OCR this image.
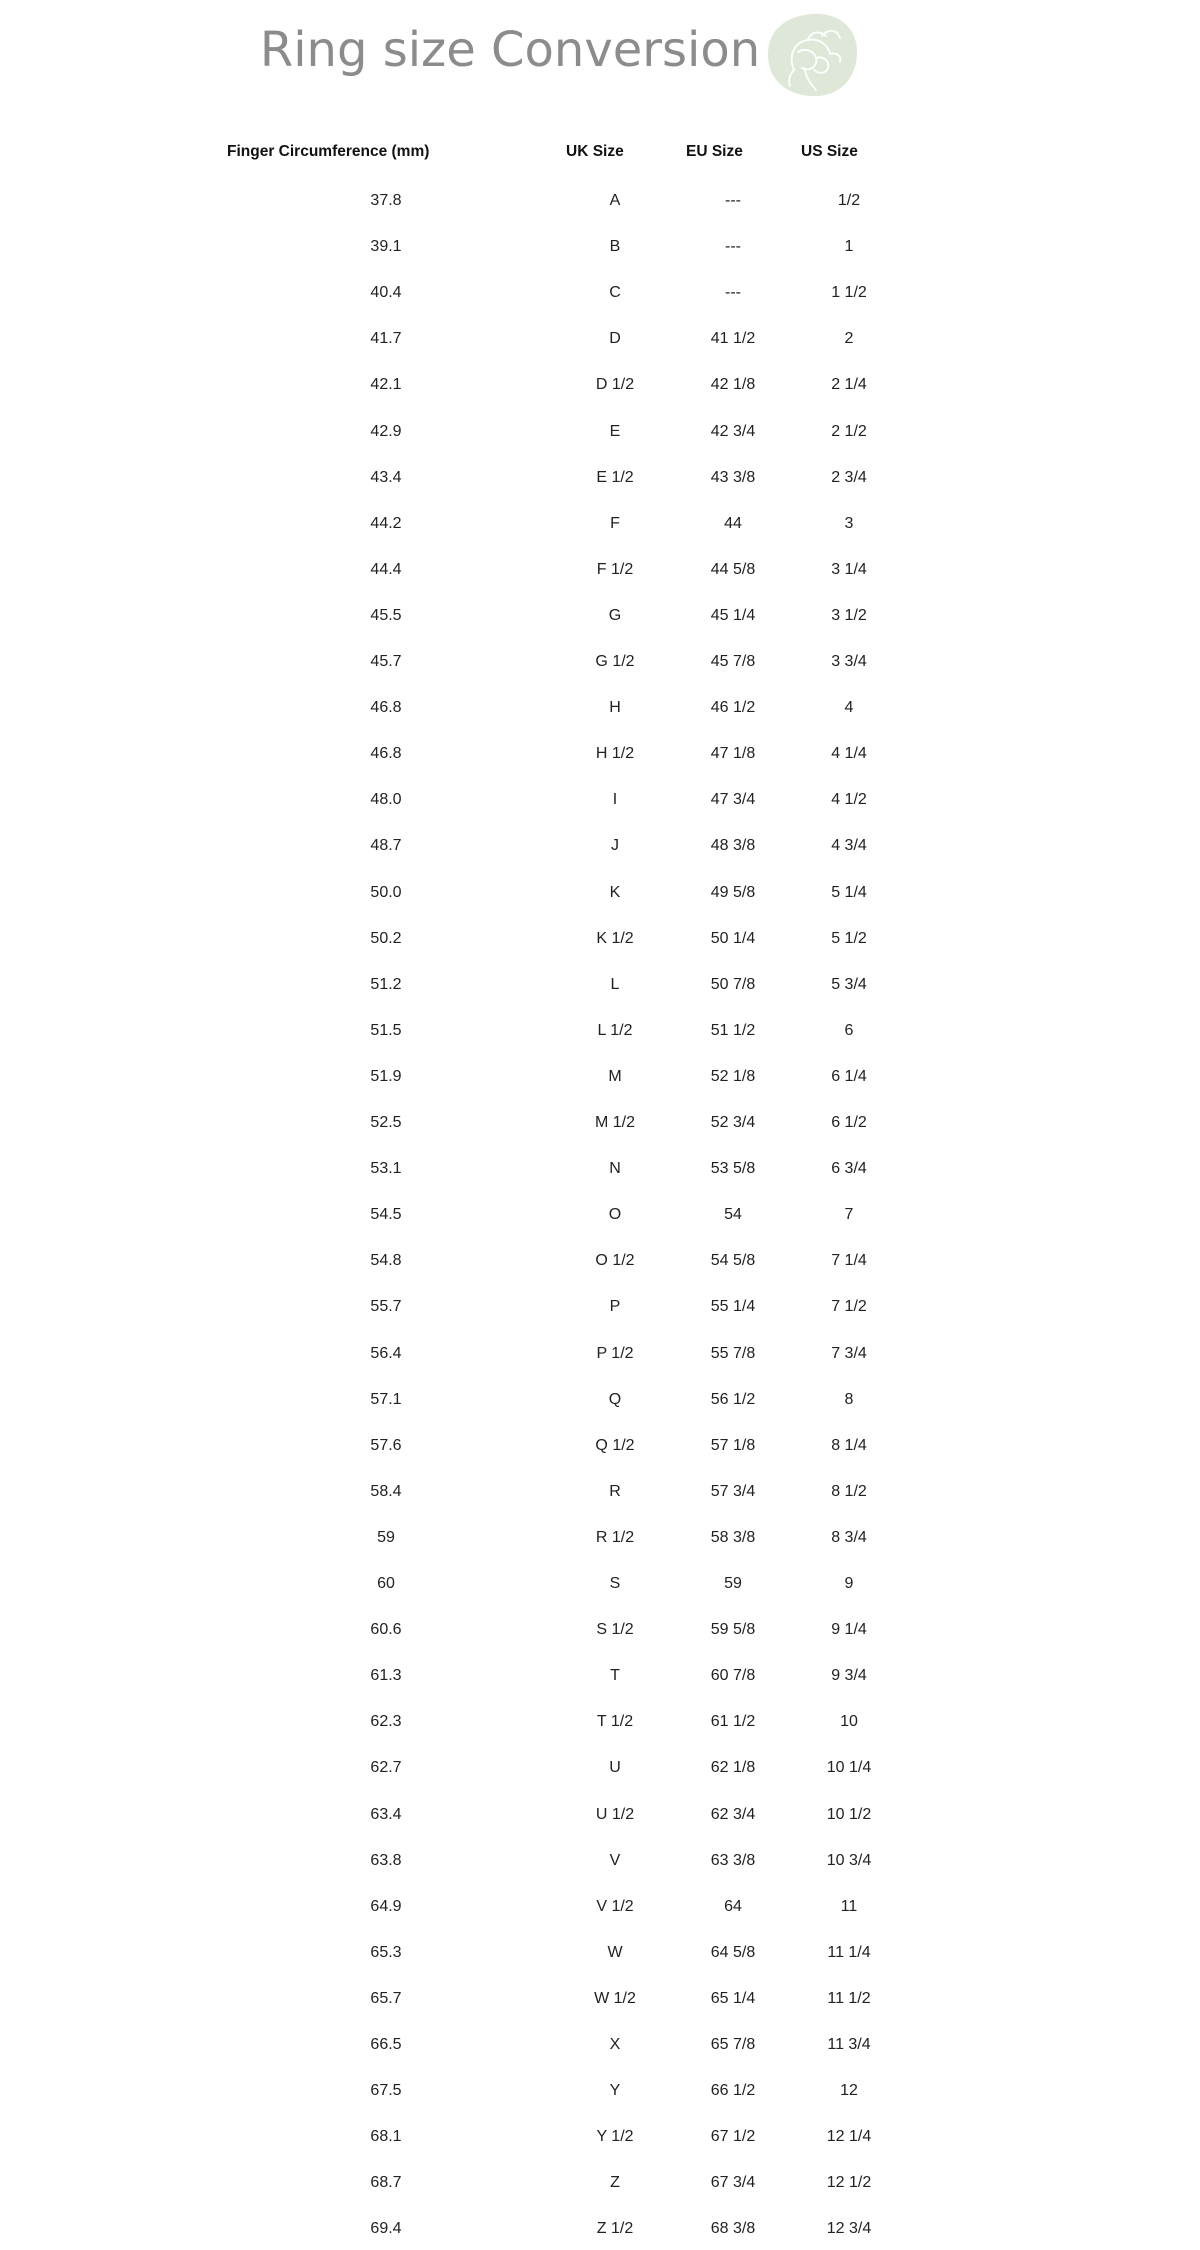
Ring size Conversion
Finger Circumference (mm)	UK Size	EU Size	US Size
37.8	A	---	1/2
39.1	B	---	1
40.4	C	---	1 1/2
41.7	D	41 1/2	2
42.1	D 1/2	42 1/8	2 1/4
42.9	E	42 3/4	2 1/2
43.4	E 1/2	43 3/8	2 3/4
44.2	F	44	3
44.4	F 1/2	44 5/8	3 1/4
45.5	G	45 1/4	3 1/2
45.7	G 1/2	45 7/8	3 3/4
46.8	H	46 1/2	4
46.8	H 1/2	47 1/8	4 1/4
48.0	I	47 3/4	4 1/2
48.7	J	48 3/8	4 3/4
50.0	K	49 5/8	5 1/4
50.2	K 1/2	50 1/4	5 1/2
51.2	L	50 7/8	5 3/4
51.5	L 1/2	51 1/2	6
51.9	M	52 1/8	6 1/4
52.5	M 1/2	52 3/4	6 1/2
53.1	N	53 5/8	6 3/4
54.5	O	54	7
54.8	O 1/2	54 5/8	7 1/4
55.7	P	55 1/4	7 1/2
56.4	P 1/2	55 7/8	7 3/4
57.1	Q	56 1/2	8
57.6	Q 1/2	57 1/8	8 1/4
58.4	R	57 3/4	8 1/2
59	R 1/2	58 3/8	8 3/4
60	S	59	9
60.6	S 1/2	59 5/8	9 1/4
61.3	T	60 7/8	9 3/4
62.3	T 1/2	61 1/2	10
62.7	U	62 1/8	10 1/4
63.4	U 1/2	62 3/4	10 1/2
63.8	V	63 3/8	10 3/4
64.9	V 1/2	64	11
65.3	W	64 5/8	11 1/4
65.7	W 1/2	65 1/4	11 1/2
66.5	X	65 7/8	11 3/4
67.5	Y	66 1/2	12
68.1	Y 1/2	67 1/2	12 1/4
68.7	Z	67 3/4	12 1/2
69.4	Z 1/2	68 3/8	12 3/4
